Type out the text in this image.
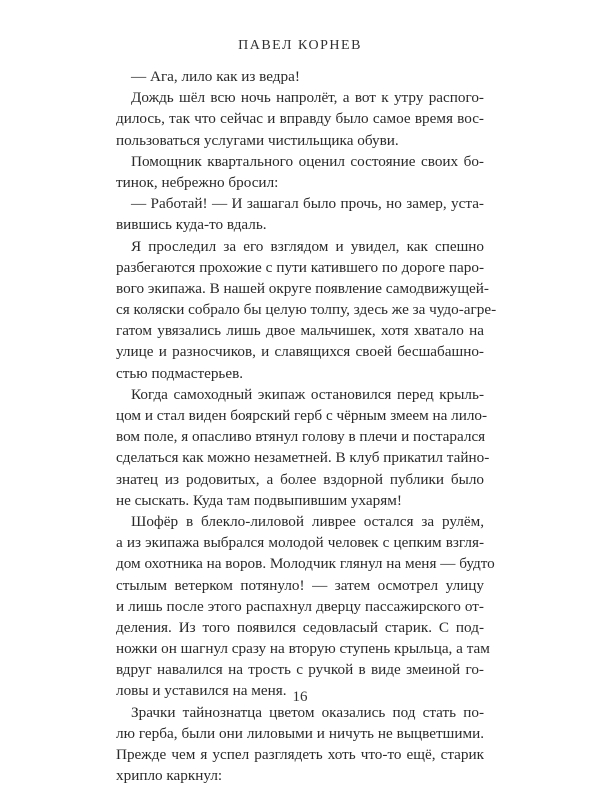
ПАВЕЛ КОРНЕВ
— Ага, лило как из ведра!
Дождь шёл всю ночь напролёт, а вот к утру распого-
дилось, так что сейчас и вправду было самое время вос-
пользоваться услугами чистильщика обуви.
Помощник квартального оценил состояние своих бо-
тинок, небрежно бросил:
— Работай! — И зашагал было прочь, но замер, уста-
вившись куда-то вдаль.
Я проследил за его взглядом и увидел, как спешно
разбегаются прохожие с пути катившего по дороге паро-
вого экипажа. В нашей округе появление самодвижущей-
ся коляски собрало бы целую толпу, здесь же за чудо-агре-
гатом увязались лишь двое мальчишек, хотя хватало на
улице и разносчиков, и славящихся своей бесшабашно-
стью подмастерьев.
Когда самоходный экипаж остановился перед крыль-
цом и стал виден боярский герб с чёрным змеем на лило-
вом поле, я опасливо втянул голову в плечи и постарался
сделаться как можно незаметней. В клуб прикатил тайно-
знатец из родовитых, а более вздорной публики было
не сыскать. Куда там подвыпившим ухарям!
Шофёр в блекло-лиловой ливрее остался за рулём,
а из экипажа выбрался молодой человек с цепким взгля-
дом охотника на воров. Молодчик глянул на меня — будто
стылым ветерком потянуло! — затем осмотрел улицу
и лишь после этого распахнул дверцу пассажирского от-
деления. Из того появился седовласый старик. С под-
ножки он шагнул сразу на вторую ступень крыльца, а там
вдруг навалился на трость с ручкой в виде змеиной го-
ловы и уставился на меня.
Зрачки тайнознатца цветом оказались под стать по-
лю герба, были они лиловыми и ничуть не выцветшими.
Прежде чем я успел разглядеть хоть что-то ещё, старик
хрипло каркнул:
16
